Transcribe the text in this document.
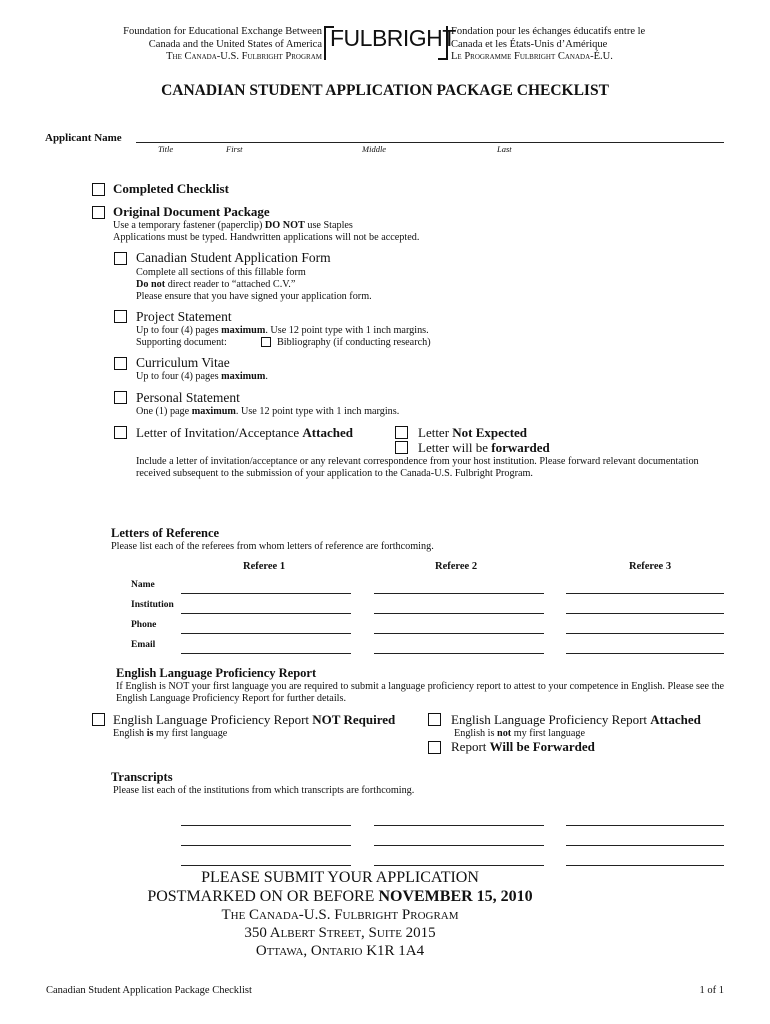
Foundation for Educational Exchange Between
Canada and the United States of America
The Canada-U.S. Fulbright Program
FULBRIGHT
Fondation pour les échanges éducatifs entre le
Canada et les États-Unis d’Amérique
Le Programme Fulbright Canada-É.U.
CANADIAN STUDENT APPLICATION PACKAGE CHECKLIST
Applicant Name
Title	First	Middle	Last
Completed Checklist
Original Document Package
Use a temporary fastener (paperclip) DO NOT use Staples
Applications must be typed. Handwritten applications will not be accepted.
Canadian Student Application Form
Complete all sections of this fillable form
Do not direct reader to “attached C.V.”
Please ensure that you have signed your application form.
Project Statement
Up to four (4) pages maximum. Use 12 point type with 1 inch margins.
Supporting document:	Bibliography (if conducting research)
Curriculum Vitae
Up to four (4) pages maximum.
Personal Statement
One (1) page maximum. Use 12 point type with 1 inch margins.
Letter of Invitation/Acceptance Attached	Letter Not Expected
Letter will be forwarded
Include a letter of invitation/acceptance or any relevant correspondence from your host institution. Please forward relevant documentation
received subsequent to the submission of your application to the Canada-U.S. Fulbright Program.
Letters of Reference
Please list each of the referees from whom letters of reference are forthcoming.
Referee 1	Referee 2	Referee 3
Name
Institution
Phone
Email
English Language Proficiency Report
If English is NOT your first language you are required to submit a language proficiency report to attest to your competence in English. Please see the
English Language Proficiency Report for further details.
English Language Proficiency Report NOT Required
English is my first language
English Language Proficiency Report Attached
English is not my first language
Report Will be Forwarded
Transcripts
Please list each of the institutions from which transcripts are forthcoming.
PLEASE SUBMIT YOUR APPLICATION
POSTMARKED ON OR BEFORE NOVEMBER 15, 2010
The Canada-U.S. Fulbright Program
350 Albert Street, Suite 2015
Ottawa, Ontario K1R 1A4
Canadian Student Application Package Checklist	1 of 1
